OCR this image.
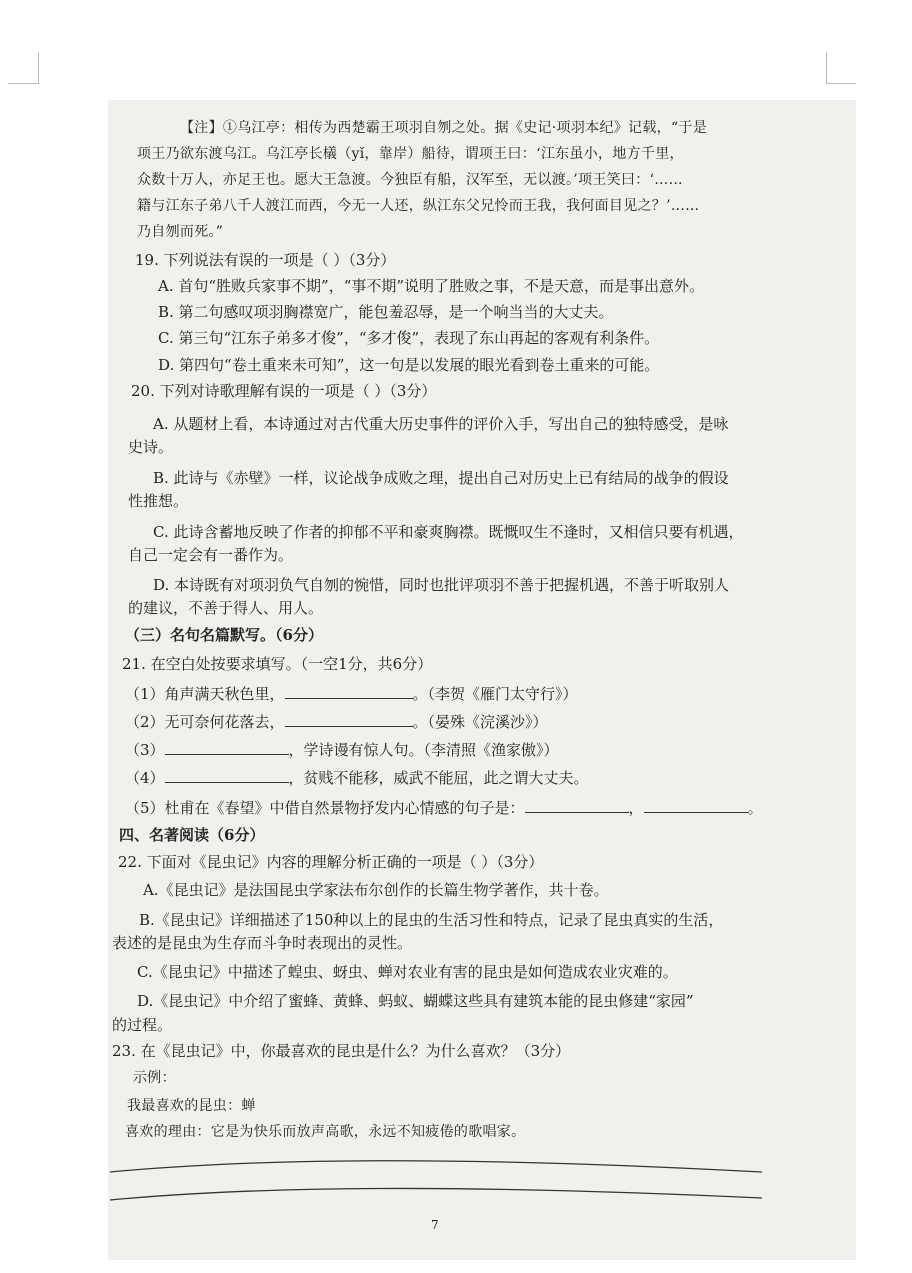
【注】①乌江亭：相传为西楚霸王项羽自刎之处。据《史记·项羽本纪》记载，“于是
项王乃欲东渡乌江。乌江亭长檥（yǐ，靠岸）船待，谓项王曰：‘江东虽小，地方千里，
众数十万人，亦足王也。愿大王急渡。今独臣有船，汉军至，无以渡。’项王笑曰：‘……
籍与江东子弟八千人渡江而西，今无一人还，纵江东父兄怜而王我，我何面目见之？’……
乃自刎而死。”
19. 下列说法有误的一项是（ ）（3分）
A. 首句“胜败兵家事不期”，“事不期”说明了胜败之事，不是天意，而是事出意外。
B. 第二句感叹项羽胸襟宽广，能包羞忍辱，是一个响当当的大丈夫。
C. 第三句“江东子弟多才俊”，“多才俊”，表现了东山再起的客观有利条件。
D. 第四句“卷土重来未可知”，这一句是以发展的眼光看到卷土重来的可能。
20. 下列对诗歌理解有误的一项是（ ）（3分）
A. 从题材上看，本诗通过对古代重大历史事件的评价入手，写出自己的独特感受，是咏
史诗。
B. 此诗与《赤壁》一样，议论战争成败之理，提出自己对历史上已有结局的战争的假设
性推想。
C. 此诗含蓄地反映了作者的抑郁不平和豪爽胸襟。既慨叹生不逢时，又相信只要有机遇，
自己一定会有一番作为。
D. 本诗既有对项羽负气自刎的惋惜，同时也批评项羽不善于把握机遇，不善于听取别人
的建议，不善于得人、用人。
（三）名句名篇默写。（6分）
21. 在空白处按要求填写。（一空1分，共6分）
（1）角声满天秋色里，	。（李贺《雁门太守行》）
（2）无可奈何花落去，	。（晏殊《浣溪沙》）
（3）	，学诗谩有惊人句。（李清照《渔家傲》）
（4）	，贫贱不能移，威武不能屈，此之谓大丈夫。
（5）杜甫在《春望》中借自然景物抒发内心情感的句子是：	，	。
四、名著阅读（6分）
22. 下面对《昆虫记》内容的理解分析正确的一项是（ ）（3分）
A.《昆虫记》是法国昆虫学家法布尔创作的长篇生物学著作，共十卷。
B.《昆虫记》详细描述了150种以上的昆虫的生活习性和特点，记录了昆虫真实的生活，
表述的是昆虫为生存而斗争时表现出的灵性。
C.《昆虫记》中描述了蝗虫、蚜虫、蝉对农业有害的昆虫是如何造成农业灾难的。
D.《昆虫记》中介绍了蜜蜂、黄蜂、蚂蚁、蝴蝶这些具有建筑本能的昆虫修建“家园”
的过程。
23. 在《昆虫记》中，你最喜欢的昆虫是什么？为什么喜欢？（3分）
示例：
我最喜欢的昆虫：蝉
喜欢的理由：它是为快乐而放声高歌，永远不知疲倦的歌唱家。
7
